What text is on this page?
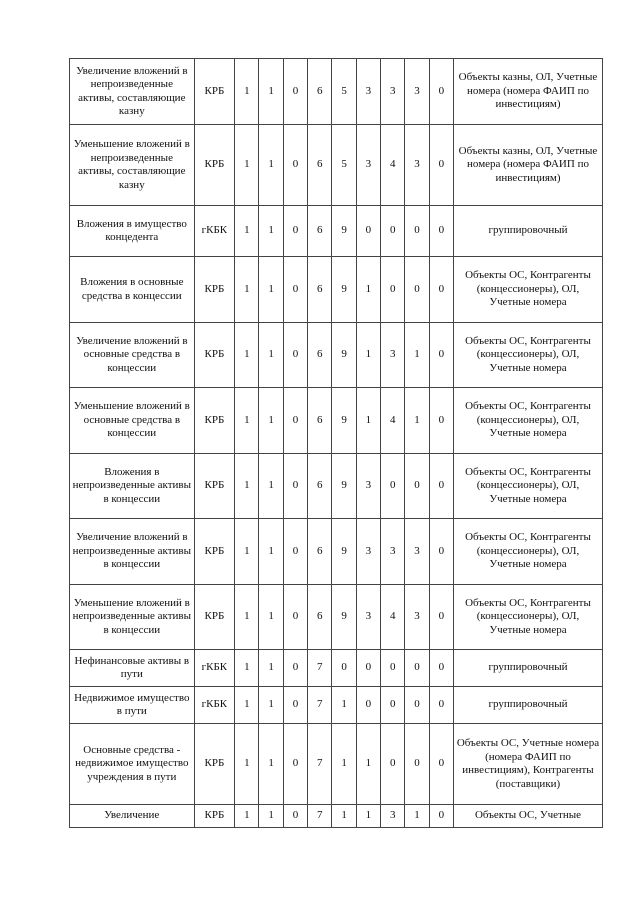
Увеличение вложений в непроизведенные активы, составляющие казну	КРБ	1	1	0	6	5	3	3	3	0	Объекты казны, ОЛ, Учетные номера (номера ФАИП по инвестициям)
Уменьшение вложений в непроизведенные активы, составляющие казну	КРБ	1	1	0	6	5	3	4	3	0	Объекты казны, ОЛ, Учетные номера (номера ФАИП по инвестициям)
Вложения в имущество концедента	гКБК	1	1	0	6	9	0	0	0	0	группировочный
Вложения в основные средства в концессии	КРБ	1	1	0	6	9	1	0	0	0	Объекты ОС, Контрагенты (концессионеры), ОЛ, Учетные номера
Увеличение вложений в основные средства в концессии	КРБ	1	1	0	6	9	1	3	1	0	Объекты ОС, Контрагенты (концессионеры), ОЛ, Учетные номера
Уменьшение вложений в основные средства в концессии	КРБ	1	1	0	6	9	1	4	1	0	Объекты ОС, Контрагенты (концессионеры), ОЛ, Учетные номера
Вложения в непроизведенные активы в концессии	КРБ	1	1	0	6	9	3	0	0	0	Объекты ОС, Контрагенты (концессионеры), ОЛ, Учетные номера
Увеличение вложений в непроизведенные активы в концессии	КРБ	1	1	0	6	9	3	3	3	0	Объекты ОС, Контрагенты (концессионеры), ОЛ, Учетные номера
Уменьшение вложений в непроизведенные активы в концессии	КРБ	1	1	0	6	9	3	4	3	0	Объекты ОС, Контрагенты (концессионеры), ОЛ, Учетные номера
Нефинансовые активы в пути	гКБК	1	1	0	7	0	0	0	0	0	группировочный
Недвижимое имущество в пути	гКБК	1	1	0	7	1	0	0	0	0	группировочный
Основные средства - недвижимое имущество учреждения в пути	КРБ	1	1	0	7	1	1	0	0	0	Объекты ОС, Учетные номера (номера ФАИП по инвестициям), Контрагенты (поставщики)
Увеличение	КРБ	1	1	0	7	1	1	3	1	0	Объекты ОС, Учетные
